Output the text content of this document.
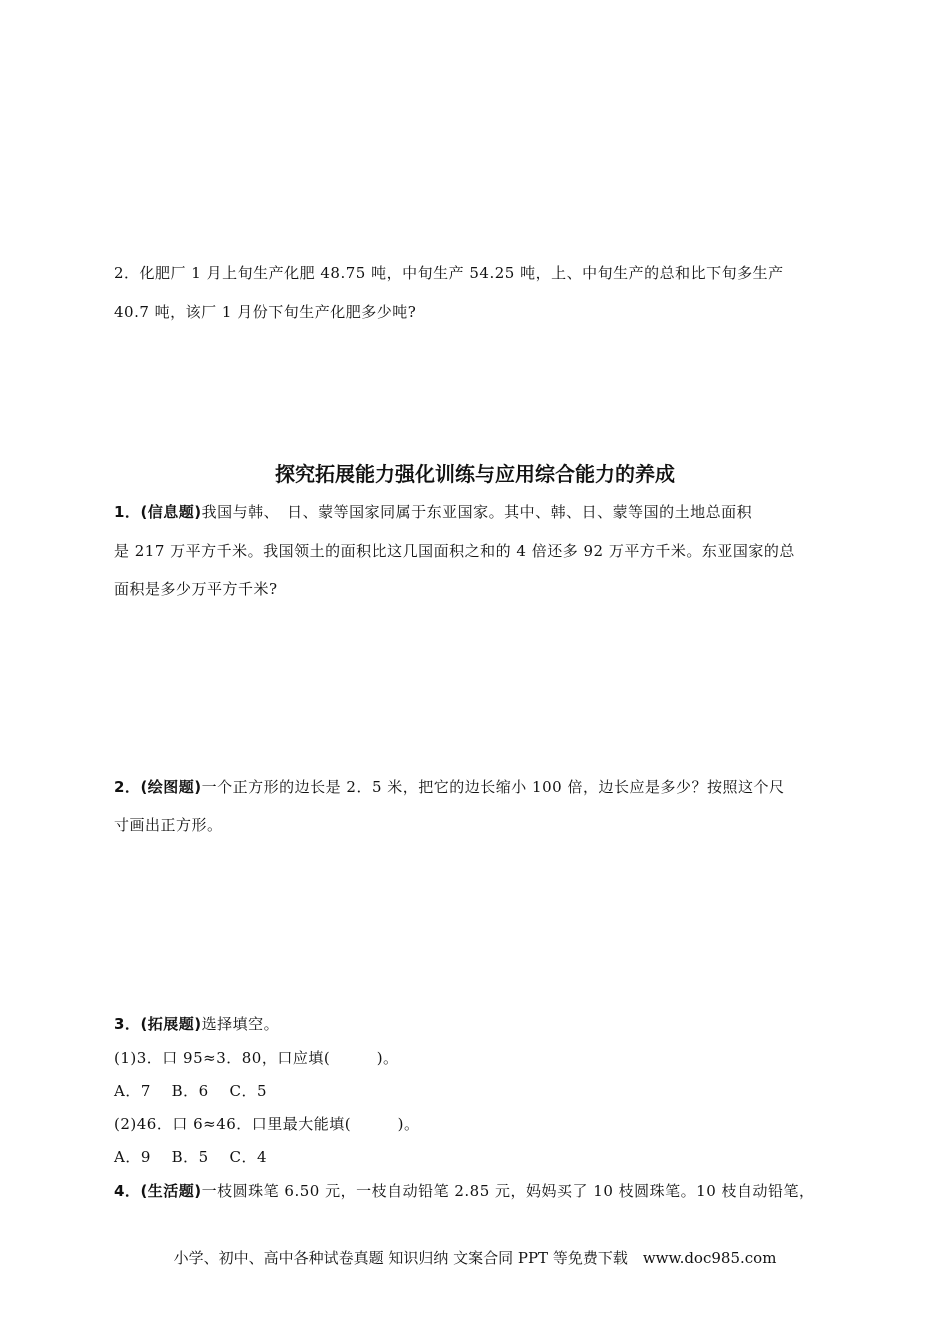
2．化肥厂 1 月上旬生产化肥 48.75 吨，中旬生产 54.25 吨，上、中旬生产的总和比下旬多生产
40.7 吨，该厂 1 月份下旬生产化肥多少吨?
探究拓展能力强化训练与应用综合能力的养成
1．(信息题)我国与韩、　日、蒙等国家同属于东亚国家。其中、韩、日、蒙等国的土地总面积
是 217 万平方千米。我国领土的面积比这几国面积之和的 4 倍还多 92 万平方千米。东亚国家的总
面积是多少万平方千米?
2．(绘图题)一个正方形的边长是 2．5 米，把它的边长缩小 100 倍，边长应是多少？按照这个尺
寸画出正方形。
3．(拓展题)选择填空。
(1)3．口 95≈3．80，口应填(　　　)。
A．7　 B．6　 C．5
(2)46．口 6≈46．口里最大能填(　　　)。
A．9　 B．5　 C．4
4．(生活题)一枝圆珠笔 6.50 元，一枝自动铅笔 2.85 元，妈妈买了 10 枝圆珠笔。10 枝自动铅笔，
小学、初中、高中各种试卷真题 知识归纳 文案合同 PPT 等免费下载　www.doc985.com
